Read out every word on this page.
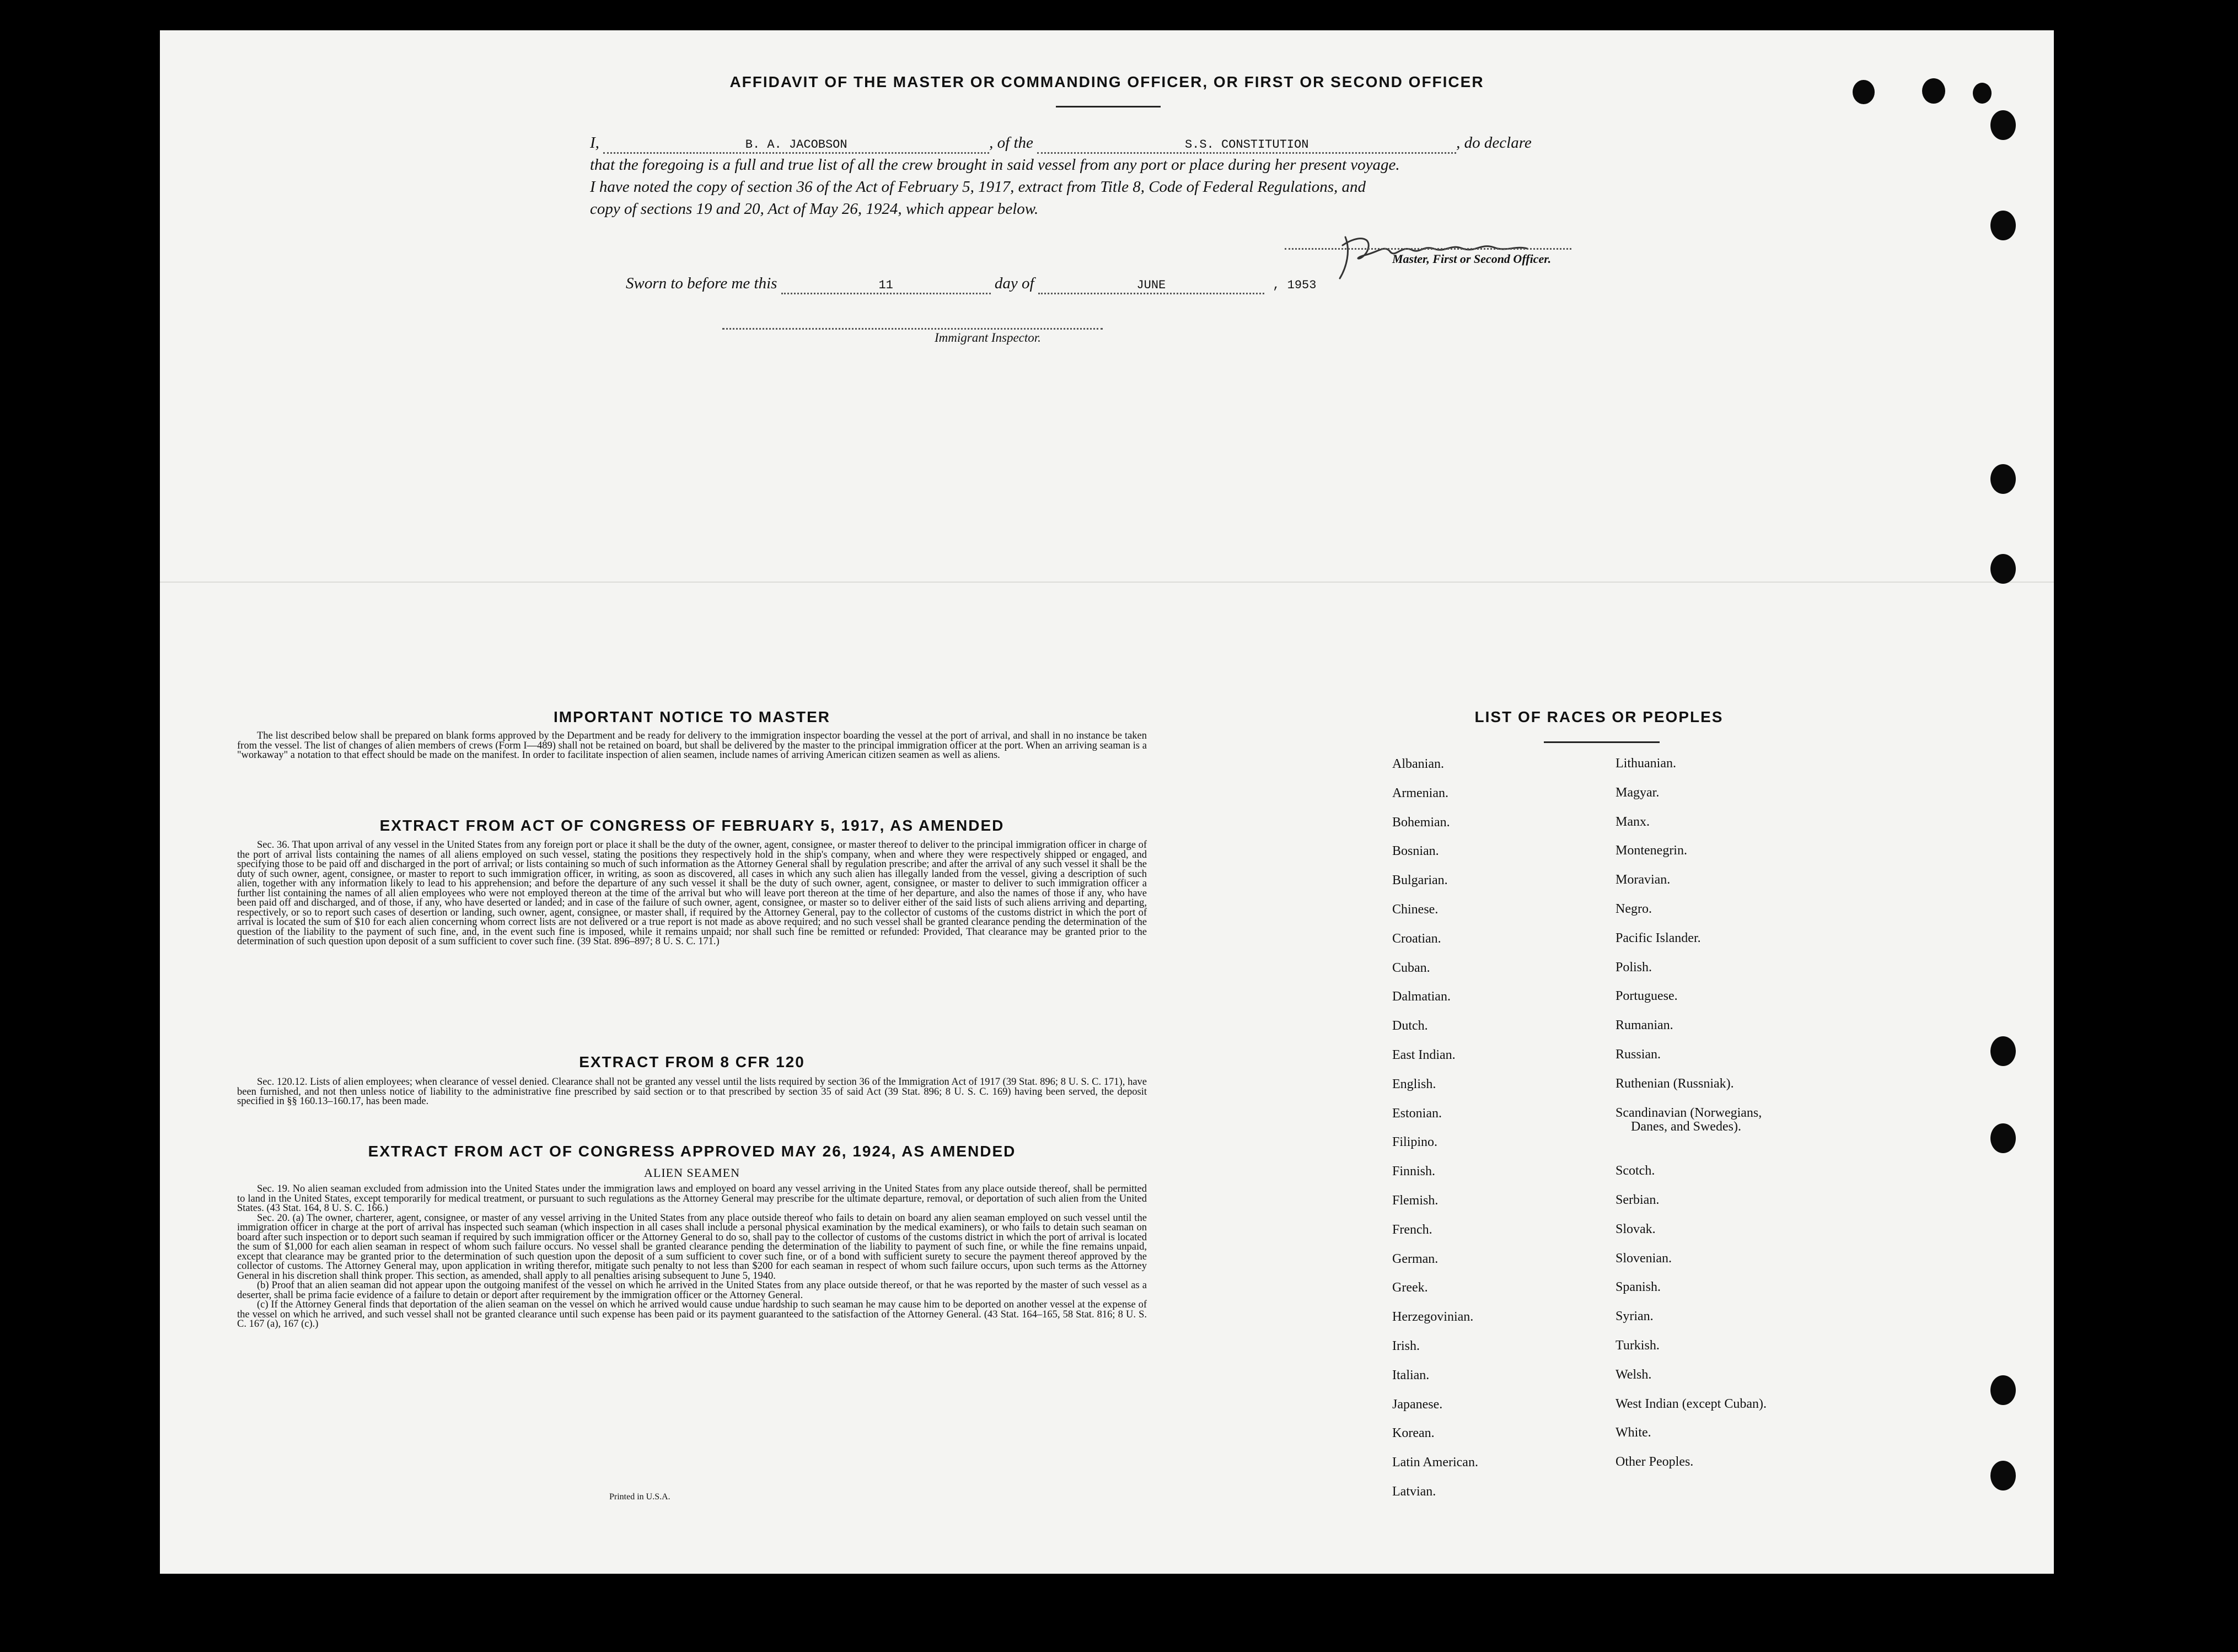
AFFIDAVIT OF THE MASTER OR COMMANDING OFFICER, OR FIRST OR SECOND OFFICER
I,	B. A. JACOBSON	, of the	S.S. CONSTITUTION	, do declare
that the foregoing is a full and true list of all the crew brought in said vessel from any port or place during her present voyage.
I have noted the copy of section 36 of the Act of February 5, 1917, extract from Title 8, Code of Federal Regulations, and
copy of sections 19 and 20, Act of May 26, 1924, which appear below.
Master, First or Second Officer.
Sworn to before me this	11	day of	JUNE	, 1953
Immigrant Inspector.
IMPORTANT NOTICE TO MASTER

The list described below shall be prepared on blank forms approved by the Department and be ready for delivery to the immigration inspector boarding the vessel at the port of arrival, and shall in no instance be taken from the vessel. The list of changes of alien members of crews (Form I—489) shall not be retained on board, but shall be delivered by the master to the principal immigration officer at the port. When an arriving seaman is a "workaway" a notation to that effect should be made on the manifest. In order to facilitate inspection of alien seamen, include names of arriving American citizen seamen as well as aliens.

EXTRACT FROM ACT OF CONGRESS OF FEBRUARY 5, 1917, AS AMENDED

Sec. 36. That upon arrival of any vessel in the United States from any foreign port or place it shall be the duty of the owner, agent, consignee, or master thereof to deliver to the principal immigration officer in charge of the port of arrival lists containing the names of all aliens employed on such vessel, stating the positions they respectively hold in the ship's company, when and where they were respectively shipped or engaged, and specifying those to be paid off and discharged in the port of arrival; or lists containing so much of such information as the Attorney General shall by regulation prescribe; and after the arrival of any such vessel it shall be the duty of such owner, agent, consignee, or master to report to such immigration officer, in writing, as soon as discovered, all cases in which any such alien has illegally landed from the vessel, giving a description of such alien, together with any information likely to lead to his apprehension; and before the departure of any such vessel it shall be the duty of such owner, agent, consignee, or master to deliver to such immigration officer a further list containing the names of all alien employees who were not employed thereon at the time of the arrival but who will leave port thereon at the time of her departure, and also the names of those if any, who have been paid off and discharged, and of those, if any, who have deserted or landed; and in case of the failure of such owner, agent, consignee, or master so to deliver either of the said lists of such aliens arriving and departing, respectively, or so to report such cases of desertion or landing, such owner, agent, consignee, or master shall, if required by the Attorney General, pay to the collector of customs of the customs district in which the port of arrival is located the sum of $10 for each alien concerning whom correct lists are not delivered or a true report is not made as above required; and no such vessel shall be granted clearance pending the determination of the question of the liability to the payment of such fine, and, in the event such fine is imposed, while it remains unpaid; nor shall such fine be remitted or refunded: Provided, That clearance may be granted prior to the determination of such question upon deposit of a sum sufficient to cover such fine. (39 Stat. 896–897; 8 U. S. C. 171.)

EXTRACT FROM 8 CFR 120

Sec. 120.12. Lists of alien employees; when clearance of vessel denied. Clearance shall not be granted any vessel until the lists required by section 36 of the Immigration Act of 1917 (39 Stat. 896; 8 U. S. C. 171), have been furnished, and not then unless notice of liability to the administrative fine prescribed by said section or to that prescribed by section 35 of said Act (39 Stat. 896; 8 U. S. C. 169) having been served, the deposit specified in §§ 160.13–160.17, has been made.

EXTRACT FROM ACT OF CONGRESS APPROVED MAY 26, 1924, AS AMENDED
ALIEN SEAMEN

Sec. 19. No alien seaman excluded from admission into the United States under the immigration laws and employed on board any vessel arriving in the United States from any place outside thereof, shall be permitted to land in the United States, except temporarily for medical treatment, or pursuant to such regulations as the Attorney General may prescribe for the ultimate departure, removal, or deportation of such alien from the United States. (43 Stat. 164, 8 U. S. C. 166.)

Sec. 20. (a) The owner, charterer, agent, consignee, or master of any vessel arriving in the United States from any place outside thereof who fails to detain on board any alien seaman employed on such vessel until the immigration officer in charge at the port of arrival has inspected such seaman (which inspection in all cases shall include a personal physical examination by the medical examiners), or who fails to detain such seaman on board after such inspection or to deport such seaman if required by such immigration officer or the Attorney General to do so, shall pay to the collector of customs of the customs district in which the port of arrival is located the sum of $1,000 for each alien seaman in respect of whom such failure occurs. No vessel shall be granted clearance pending the determination of the liability to payment of such fine, or while the fine remains unpaid, except that clearance may be granted prior to the determination of such question upon the deposit of a sum sufficient to cover such fine, or of a bond with sufficient surety to secure the payment thereof approved by the collector of customs. The Attorney General may, upon application in writing therefor, mitigate such penalty to not less than $200 for each seaman in respect of whom such failure occurs, upon such terms as the Attorney General in his discretion shall think proper. This section, as amended, shall apply to all penalties arising subsequent to June 5, 1940.

(b) Proof that an alien seaman did not appear upon the outgoing manifest of the vessel on which he arrived in the United States from any place outside thereof, or that he was reported by the master of such vessel as a deserter, shall be prima facie evidence of a failure to detain or deport after requirement by the immigration officer or the Attorney General.

(c) If the Attorney General finds that deportation of the alien seaman on the vessel on which he arrived would cause undue hardship to such seaman he may cause him to be deported on another vessel at the expense of the vessel on which he arrived, and such vessel shall not be granted clearance until such expense has been paid or its payment guaranteed to the satisfaction of the Attorney General. (43 Stat. 164–165, 58 Stat. 816; 8 U. S. C. 167 (a), 167 (c).)

Printed in U.S.A.
LIST OF RACES OR PEOPLES
Albanian.
Armenian.
Bohemian.
Bosnian.
Bulgarian.
Chinese.
Croatian.
Cuban.
Dalmatian.
Dutch.
East Indian.
English.
Estonian.
Filipino.
Finnish.
Flemish.
French.
German.
Greek.
Herzegovinian.
Irish.
Italian.
Japanese.
Korean.
Latin American.
Latvian.
Lithuanian.
Magyar.
Manx.
Montenegrin.
Moravian.
Negro.
Pacific Islander.
Polish.
Portuguese.
Rumanian.
Russian.
Ruthenian (Russniak).
Scandinavian (Norwegians,
Danes, and Swedes).
Scotch.
Serbian.
Slovak.
Slovenian.
Spanish.
Syrian.
Turkish.
Welsh.
West Indian (except Cuban).
White.
Other Peoples.
